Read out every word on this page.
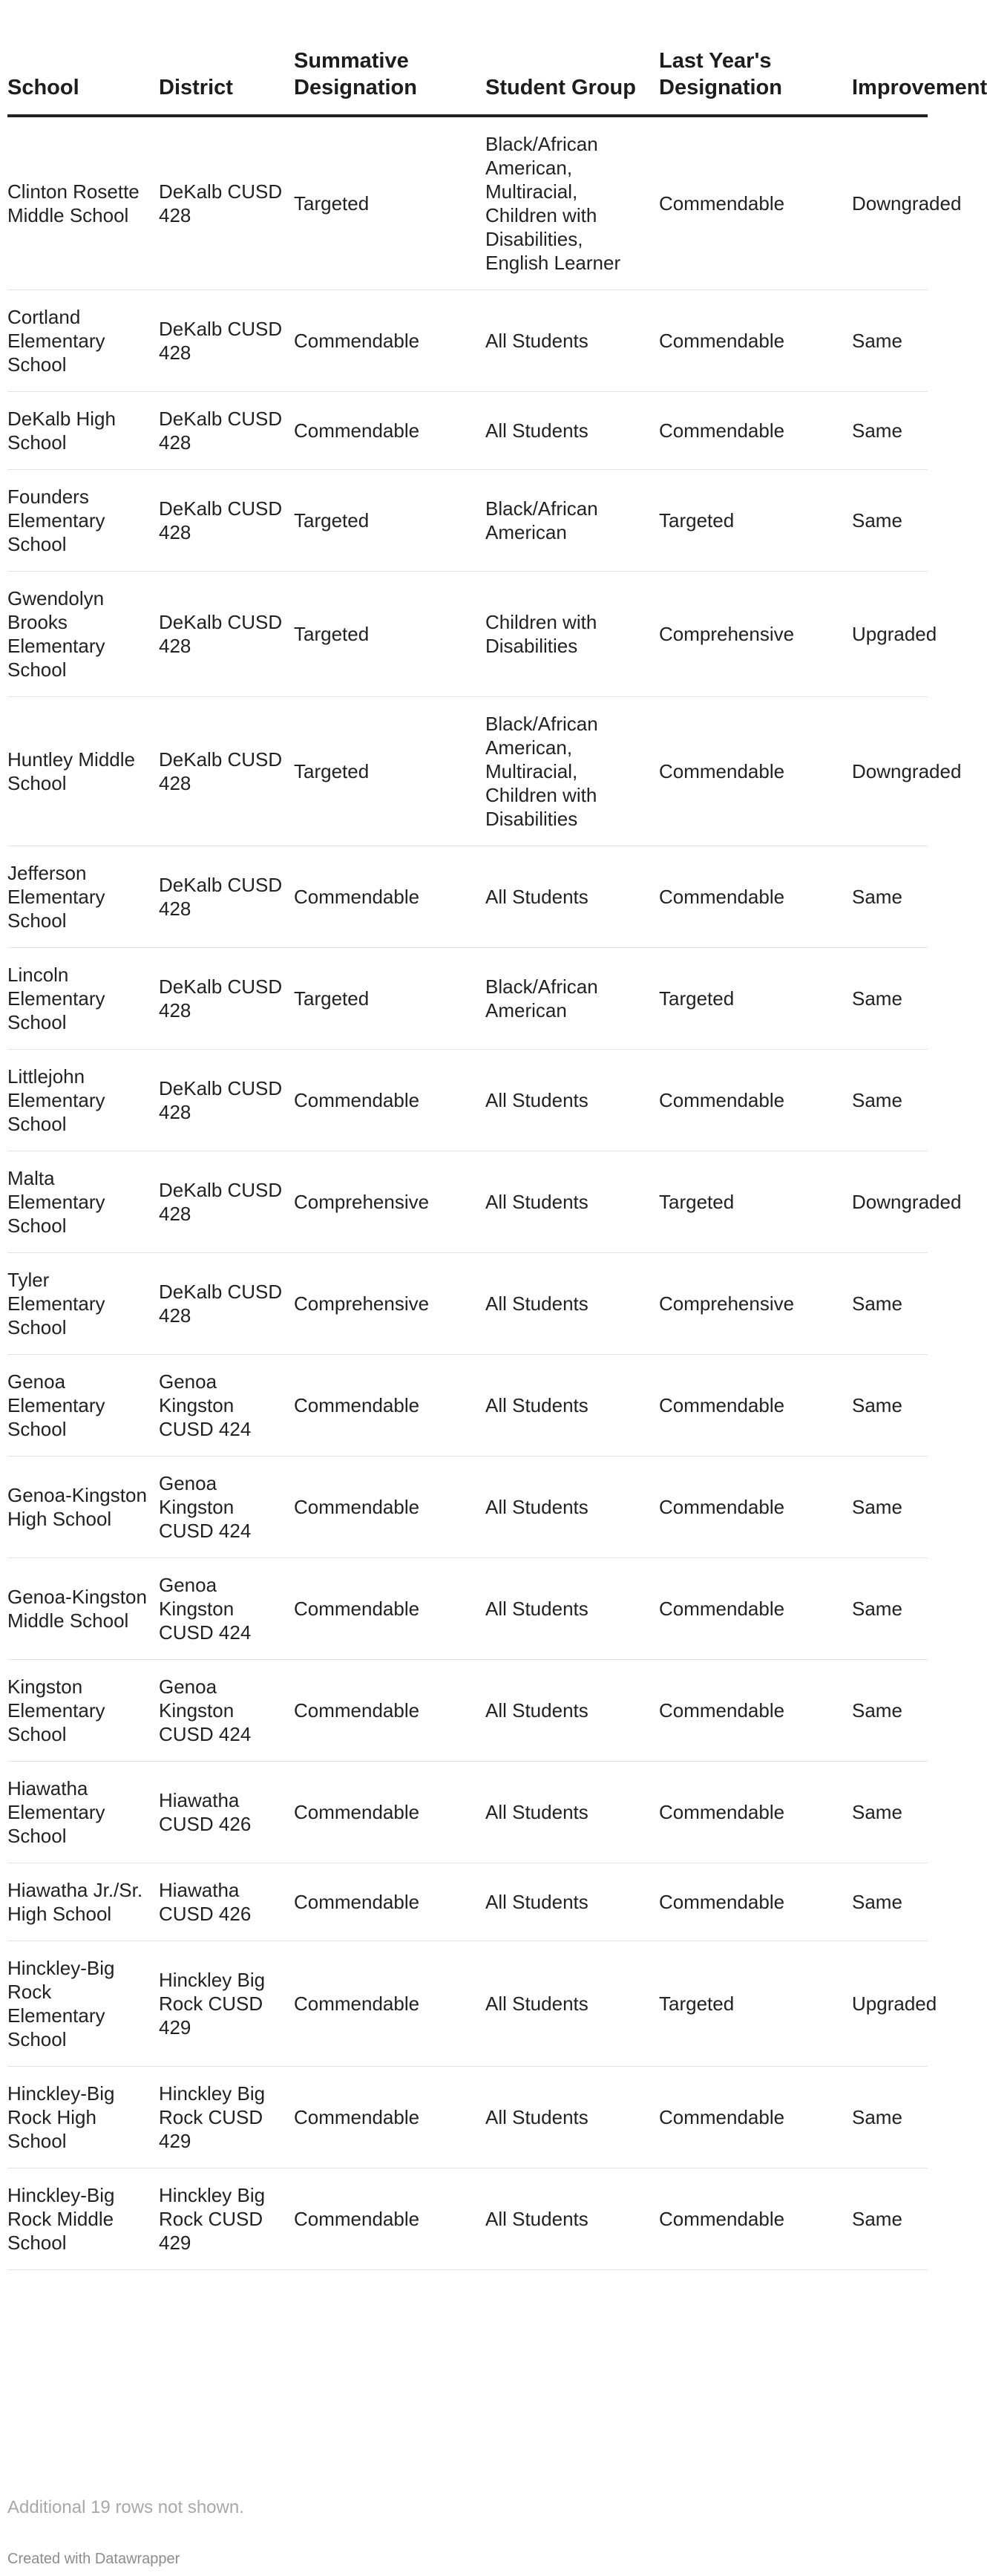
School	District	Summative Designation	Student Group	Last Year's Designation	Improvement
Clinton Rosette Middle School	DeKalb CUSD 428	Targeted	Black/African American, Multiracial, Children with Disabilities, English Learner	Commendable	Downgraded
Cortland Elementary School	DeKalb CUSD 428	Commendable	All Students	Commendable	Same
DeKalb High School	DeKalb CUSD 428	Commendable	All Students	Commendable	Same
Founders Elementary School	DeKalb CUSD 428	Targeted	Black/African American	Targeted	Same
Gwendolyn Brooks Elementary School	DeKalb CUSD 428	Targeted	Children with Disabilities	Comprehensive	Upgraded
Huntley Middle School	DeKalb CUSD 428	Targeted	Black/African American, Multiracial, Children with Disabilities	Commendable	Downgraded
Jefferson Elementary School	DeKalb CUSD 428	Commendable	All Students	Commendable	Same
Lincoln Elementary School	DeKalb CUSD 428	Targeted	Black/African American	Targeted	Same
Littlejohn Elementary School	DeKalb CUSD 428	Commendable	All Students	Commendable	Same
Malta Elementary School	DeKalb CUSD 428	Comprehensive	All Students	Targeted	Downgraded
Tyler Elementary School	DeKalb CUSD 428	Comprehensive	All Students	Comprehensive	Same
Genoa Elementary School	Genoa Kingston CUSD 424	Commendable	All Students	Commendable	Same
Genoa-Kingston High School	Genoa Kingston CUSD 424	Commendable	All Students	Commendable	Same
Genoa-Kingston Middle School	Genoa Kingston CUSD 424	Commendable	All Students	Commendable	Same
Kingston Elementary School	Genoa Kingston CUSD 424	Commendable	All Students	Commendable	Same
Hiawatha Elementary School	Hiawatha CUSD 426	Commendable	All Students	Commendable	Same
Hiawatha Jr./Sr. High School	Hiawatha CUSD 426	Commendable	All Students	Commendable	Same
Hinckley-Big Rock Elementary School	Hinckley Big Rock CUSD 429	Commendable	All Students	Targeted	Upgraded
Hinckley-Big Rock High School	Hinckley Big Rock CUSD 429	Commendable	All Students	Commendable	Same
Hinckley-Big Rock Middle School	Hinckley Big Rock CUSD 429	Commendable	All Students	Commendable	Same
Additional 19 rows not shown.
Created with Datawrapper
